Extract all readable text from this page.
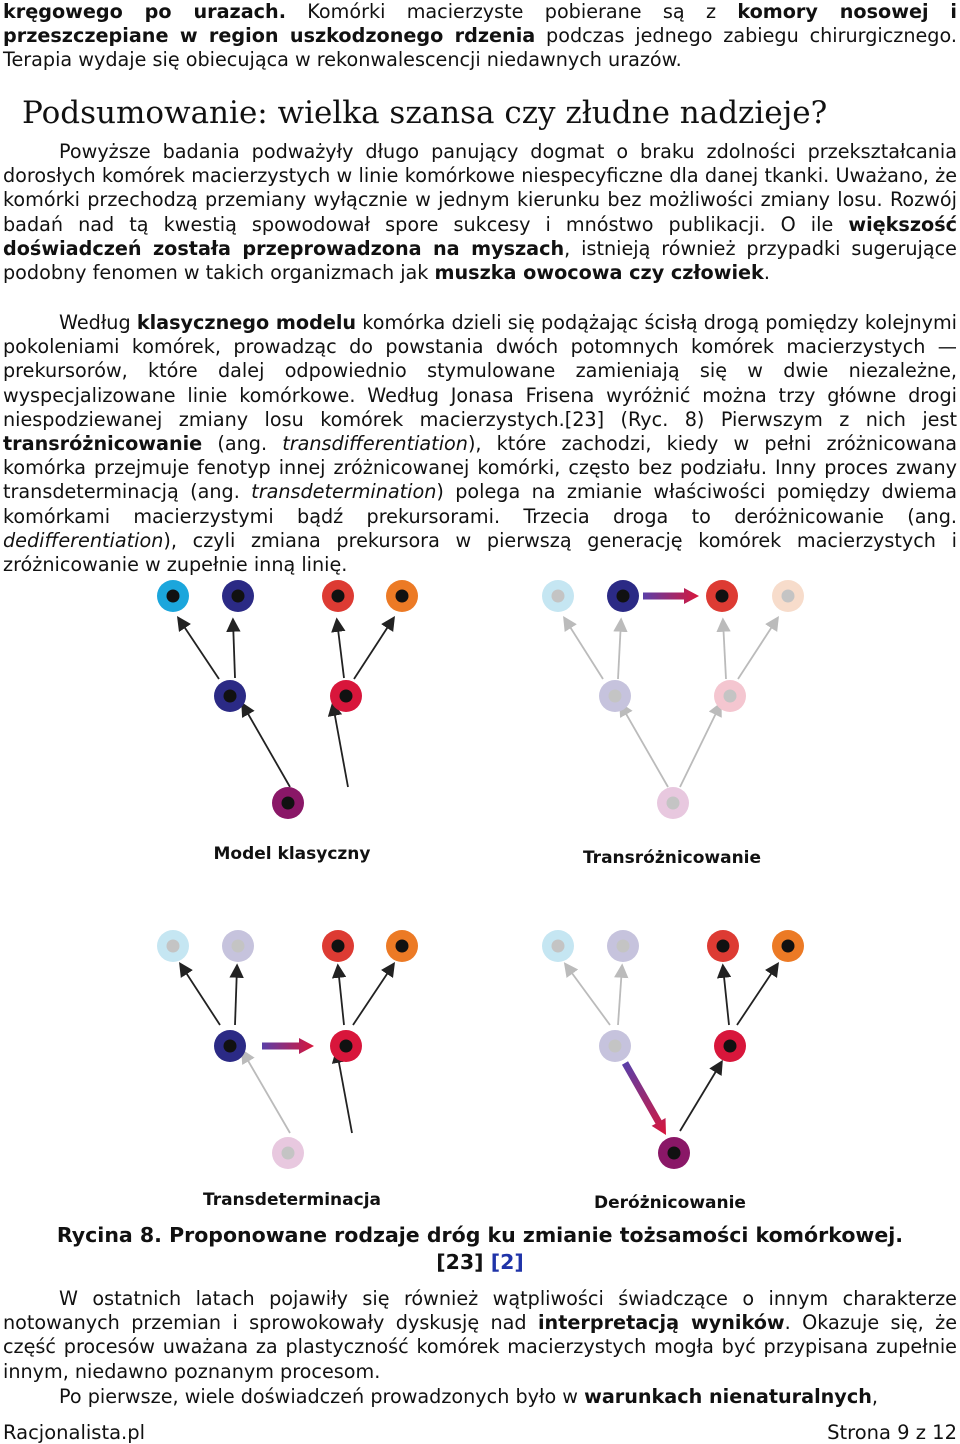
kręgowego po urazach. Komórki macierzyste pobierane są z komory nosowej i przeszczepiane w region uszkodzonego rdzenia podczas jednego zabiegu chirurgicznego. Terapia wydaje się obiecująca w rekonwalescencji niedawnych urazów.

Podsumowanie: wielka szansa czy złudne nadzieje?

Powyższe badania podważyły długo panujący dogmat o braku zdolności przekształcania dorosłych komórek macierzystych w linie komórkowe niespecyficzne dla danej tkanki. Uważano, że komórki przechodzą przemiany wyłącznie w jednym kierunku bez możliwości zmiany losu. Rozwój badań nad tą kwestią spowodował spore sukcesy i mnóstwo publikacji. O ile większość doświadczeń została przeprowadzona na myszach, istnieją również przypadki sugerujące podobny fenomen w takich organizmach jak muszka owocowa czy człowiek.

Według klasycznego modelu komórka dzieli się podążając ścisłą drogą pomiędzy kolejnymi pokoleniami komórek, prowadząc do powstania dwóch potomnych komórek macierzystych — prekursorów, które dalej odpowiednio stymulowane zamieniają się w dwie niezależne, wyspecjalizowane linie komórkowe. Według Jonasa Frisena wyróżnić można trzy główne drogi niespodziewanej zmiany losu komórek macierzystych.[23] (Ryc. 8) Pierwszym z nich jest transróżnicowanie (ang. transdifferentiation), które zachodzi, kiedy w pełni zróżnicowana komórka przejmuje fenotyp innej zróżnicowanej komórki, często bez podziału. Inny proces zwany transdeterminacją (ang. transdetermination) polega na zmianie właściwości pomiędzy dwiema komórkami macierzystymi bądź prekursorami. Trzecia droga to deróżnicowanie (ang. dedifferentiation), czyli zmiana prekursora w pierwszą generację komórek macierzystych i zróżnicowanie w zupełnie inną linię.

Model klasyczny	Transróżnicowanie
Transdeterminacja	Deróżnicowanie

Rycina 8. Proponowane rodzaje dróg ku zmianie tożsamości komórkowej.
[23] [2]

W ostatnich latach pojawiły się również wątpliwości świadczące o innym charakterze notowanych przemian i sprowokowały dyskusję nad interpretacją wyników. Okazuje się, że część procesów uważana za plastyczność komórek macierzystych mogła być przypisana zupełnie innym, niedawno poznanym procesom.

Po pierwsze, wiele doświadczeń prowadzonych było w warunkach nienaturalnych,

Racjonalista.pl	Strona 9 z 12
